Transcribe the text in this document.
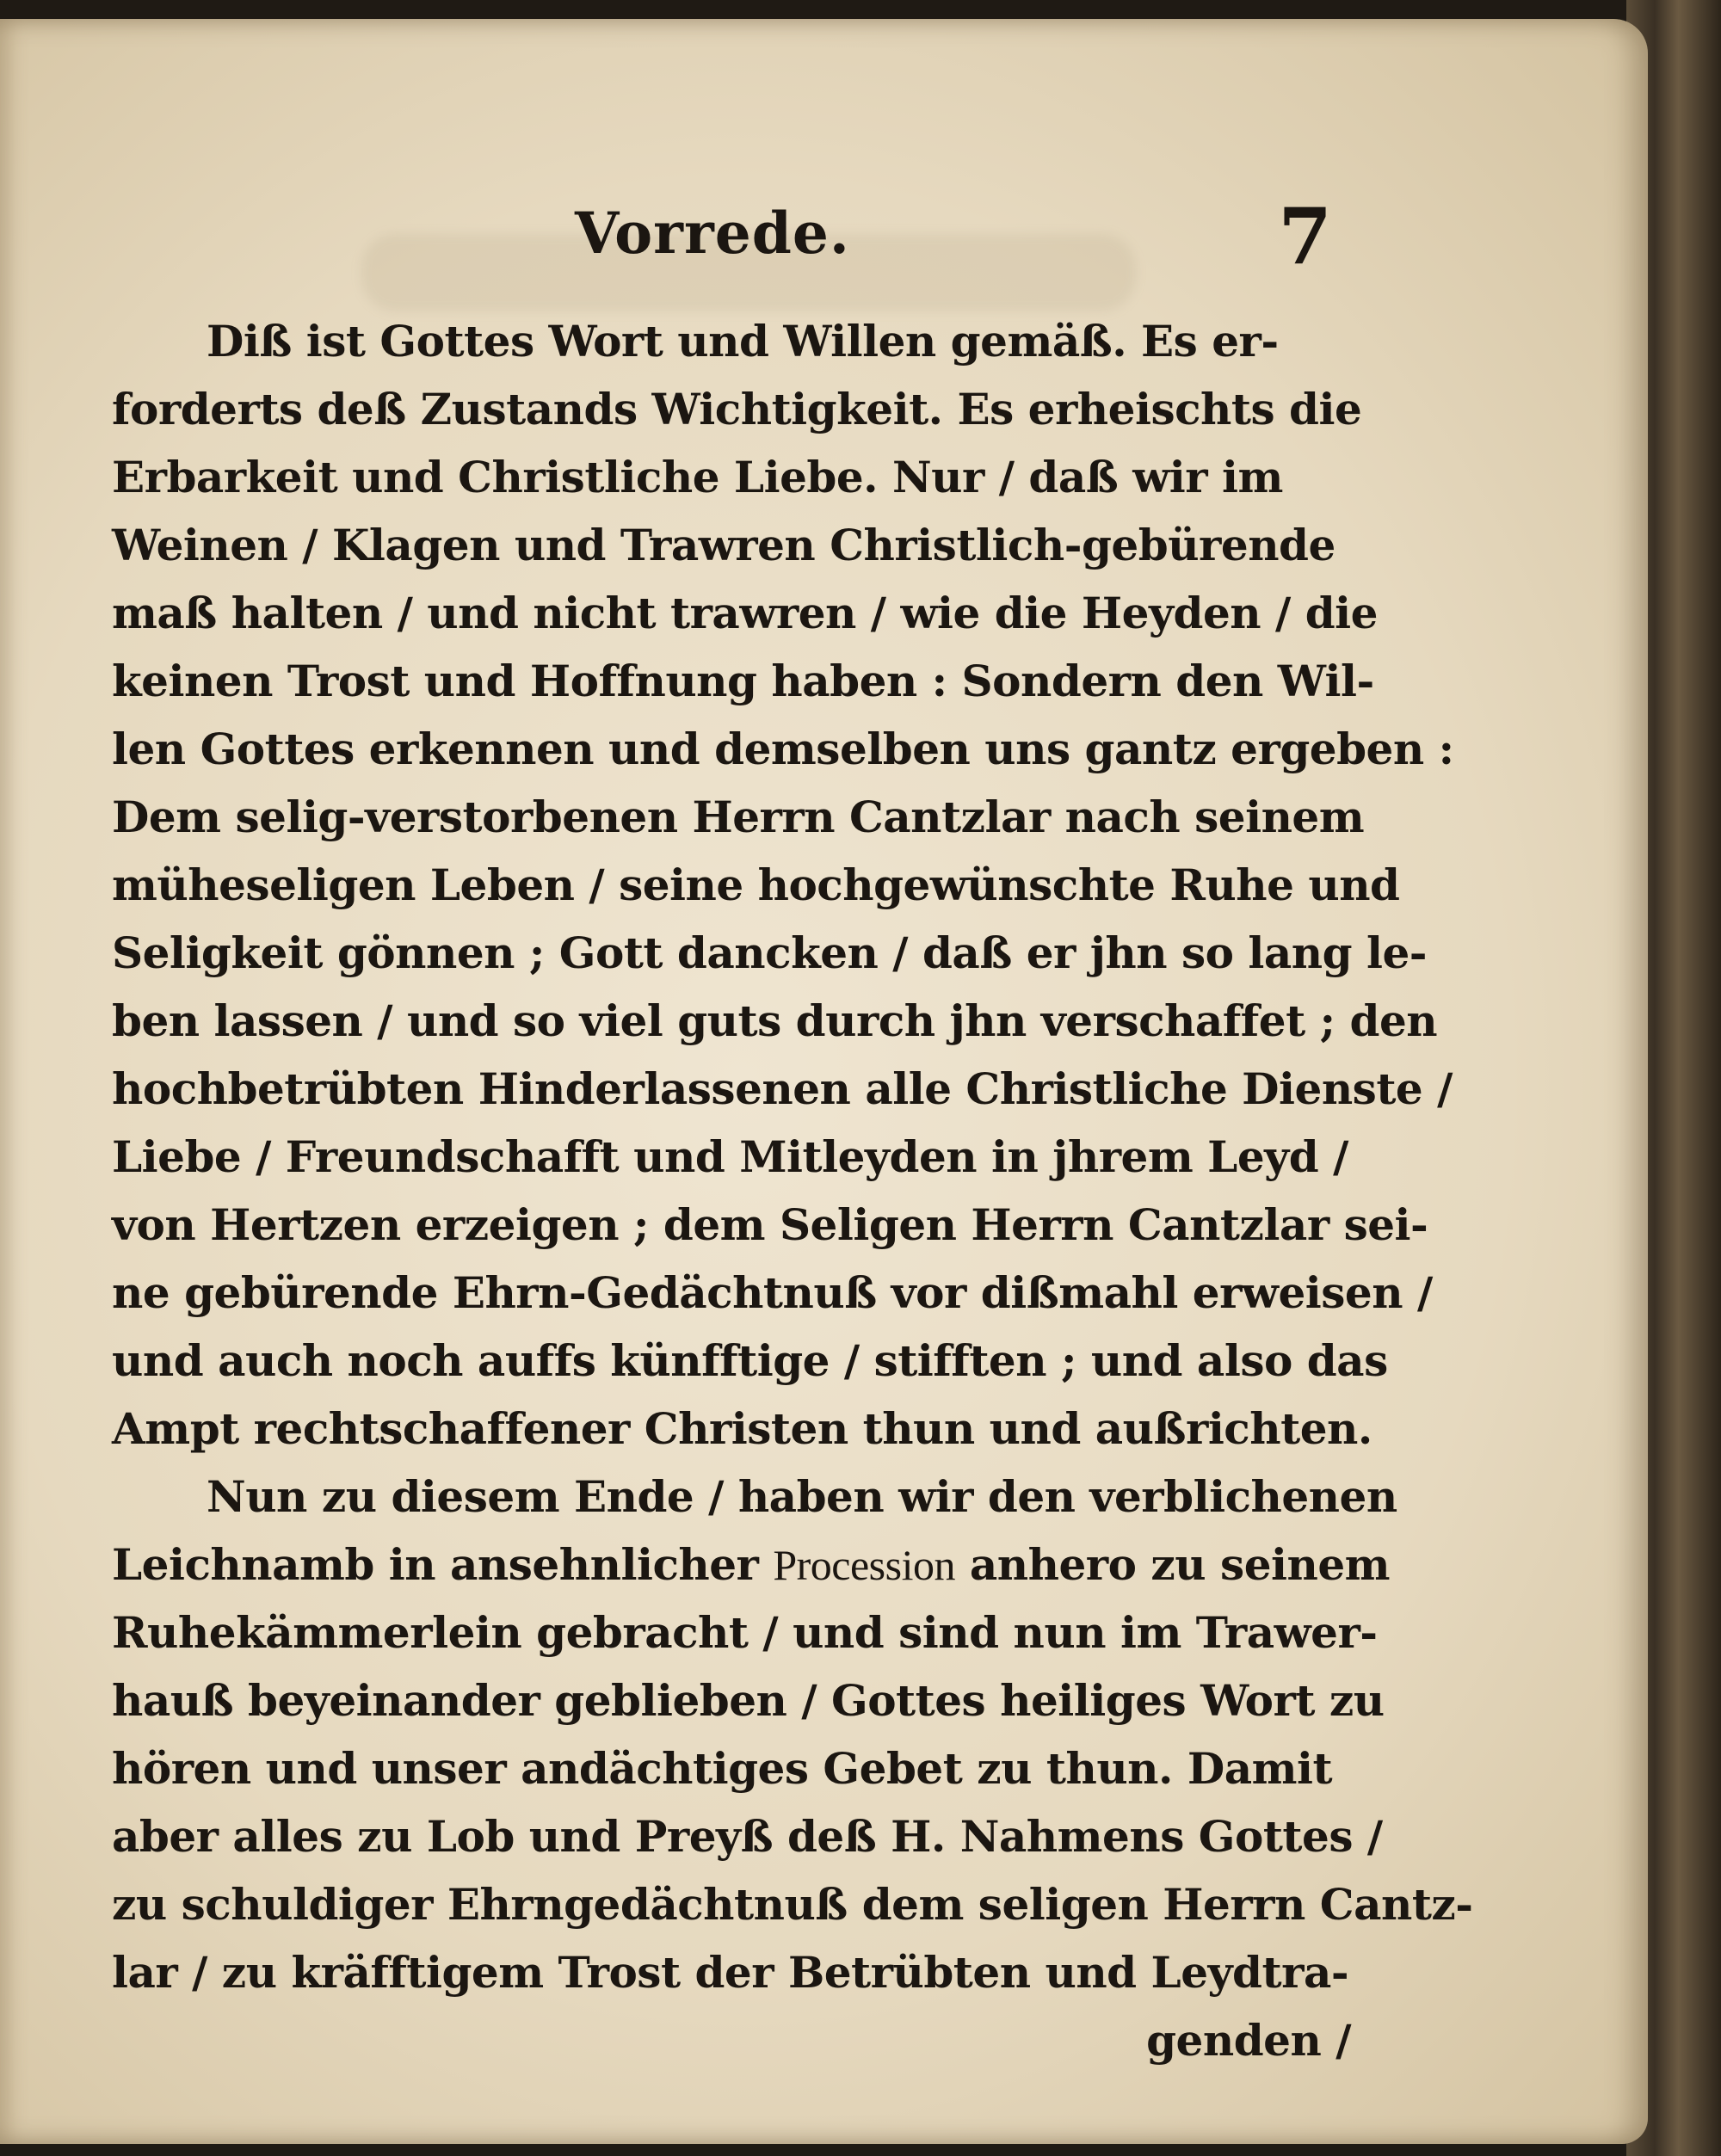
Vorrede.	7
Diß ist Gottes Wort und Willen gemäß. Es er-
forderts deß Zustands Wichtigkeit. Es erheischts die
Erbarkeit und Christliche Liebe. Nur / daß wir im
Weinen / Klagen und Trawren Christlich-gebürende
maß halten / und nicht trawren / wie die Heyden / die
keinen Trost und Hoffnung haben : Sondern den Wil-
len Gottes erkennen und demselben uns gantz ergeben :
Dem selig-verstorbenen Herrn Cantzlar nach seinem
müheseligen Leben / seine hochgewünschte Ruhe und
Seligkeit gönnen ; Gott dancken / daß er jhn so lang le-
ben lassen / und so viel guts durch jhn verschaffet ; den
hochbetrübten Hinderlassenen alle Christliche Dienste /
Liebe / Freundschafft und Mitleyden in jhrem Leyd /
von Hertzen erzeigen ; dem Seligen Herrn Cantzlar sei-
ne gebürende Ehrn-Gedächtnuß vor dißmahl erweisen /
und auch noch auffs künfftige / stifften ; und also das
Ampt rechtschaffener Christen thun und außrichten.
Nun zu diesem Ende / haben wir den verblichenen
Leichnamb in ansehnlicher Procession anhero zu seinem
Ruhekämmerlein gebracht / und sind nun im Trawer-
hauß beyeinander geblieben / Gottes heiliges Wort zu
hören und unser andächtiges Gebet zu thun. Damit
aber alles zu Lob und Preyß deß H. Nahmens Gottes /
zu schuldiger Ehrngedächtnuß dem seligen Herrn Cantz-
lar / zu kräfftigem Trost der Betrübten und Leydtra-
genden /
